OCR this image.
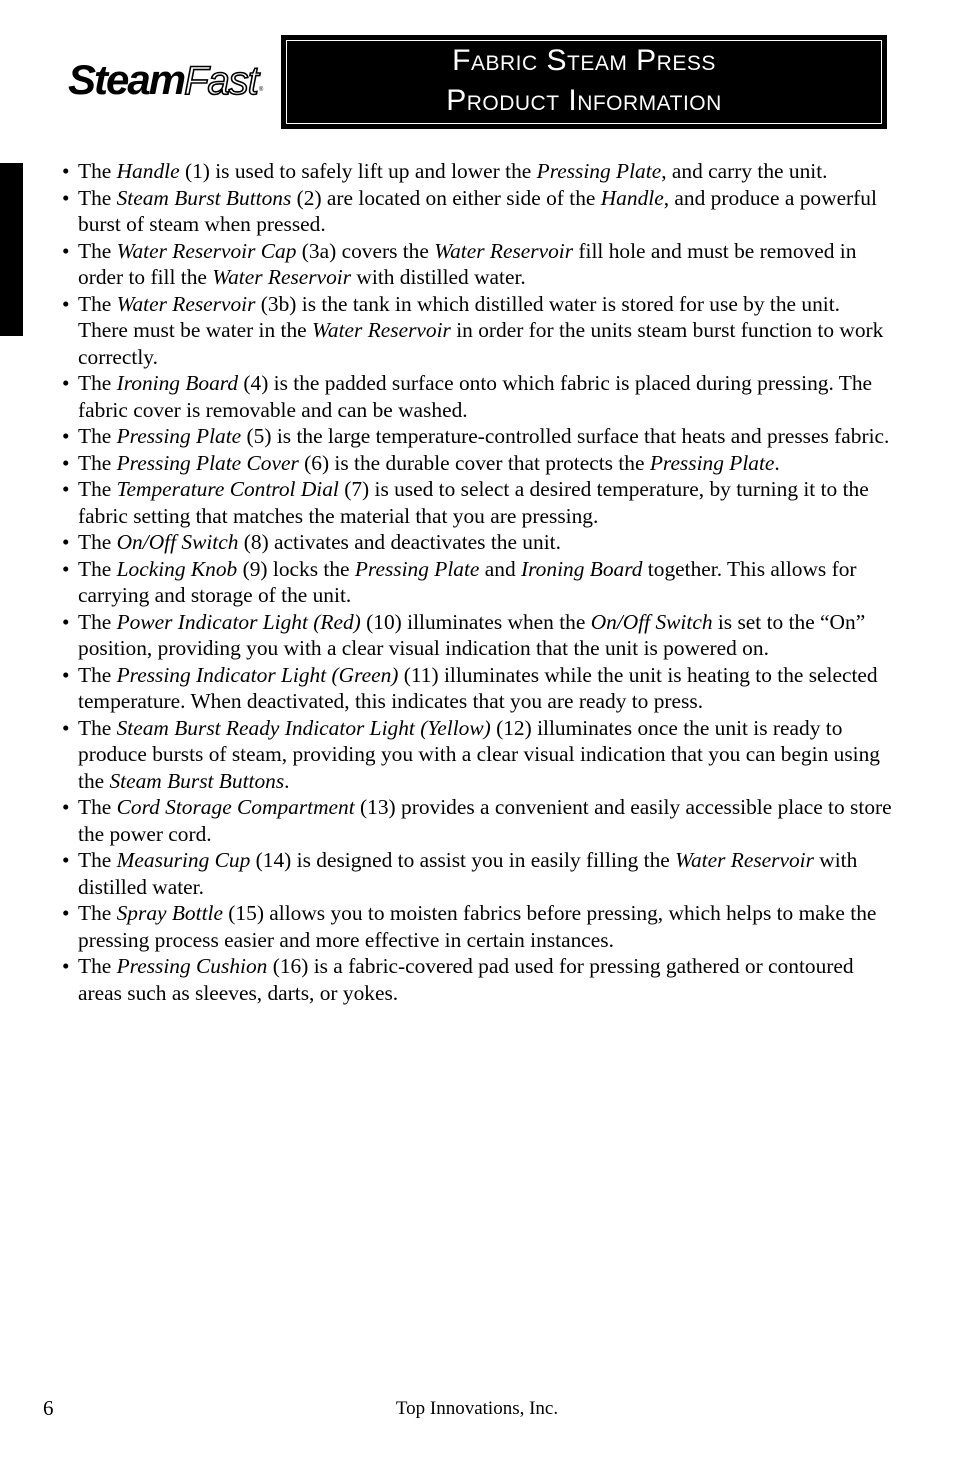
SteamFast®
Fabric Steam Press
Product Information

• The Handle (1) is used to safely lift up and lower the Pressing Plate, and carry the unit.

• The Steam Burst Buttons (2) are located on either side of the Handle, and produce a powerful burst of steam when pressed.

• The Water Reservoir Cap (3a) covers the Water Reservoir fill hole and must be removed in order to fill the Water Reservoir with distilled water.

• The Water Reservoir (3b) is the tank in which distilled water is stored for use by the unit. There must be water in the Water Reservoir in order for the units steam burst function to work correctly.

• The Ironing Board (4) is the padded surface onto which fabric is placed during pressing. The fabric cover is removable and can be washed.

• The Pressing Plate (5) is the large temperature-controlled surface that heats and presses fabric.

• The Pressing Plate Cover (6) is the durable cover that protects the Pressing Plate.

• The Temperature Control Dial (7) is used to select a desired temperature, by turning it to the fabric setting that matches the material that you are pressing.

• The On/Off Switch (8) activates and deactivates the unit.

• The Locking Knob (9) locks the Pressing Plate and Ironing Board together. This allows for carrying and storage of the unit.

• The Power Indicator Light (Red) (10) illuminates when the On/Off Switch is set to the “On” position, providing you with a clear visual indication that the unit is powered on.

• The Pressing Indicator Light (Green) (11) illuminates while the unit is heating to the selected temperature. When deactivated, this indicates that you are ready to press.

• The Steam Burst Ready Indicator Light (Yellow) (12) illuminates once the unit is ready to produce bursts of steam, providing you with a clear visual indication that you can begin using the Steam Burst Buttons.

• The Cord Storage Compartment (13) provides a convenient and easily accessible place to store the power cord.

• The Measuring Cup (14) is designed to assist you in easily filling the Water Reservoir with distilled water.

• The Spray Bottle (15) allows you to moisten fabrics before pressing, which helps to make the pressing process easier and more effective in certain instances.

• The Pressing Cushion (16) is a fabric-covered pad used for pressing gathered or contoured areas such as sleeves, darts, or yokes.

6	Top Innovations, Inc.
